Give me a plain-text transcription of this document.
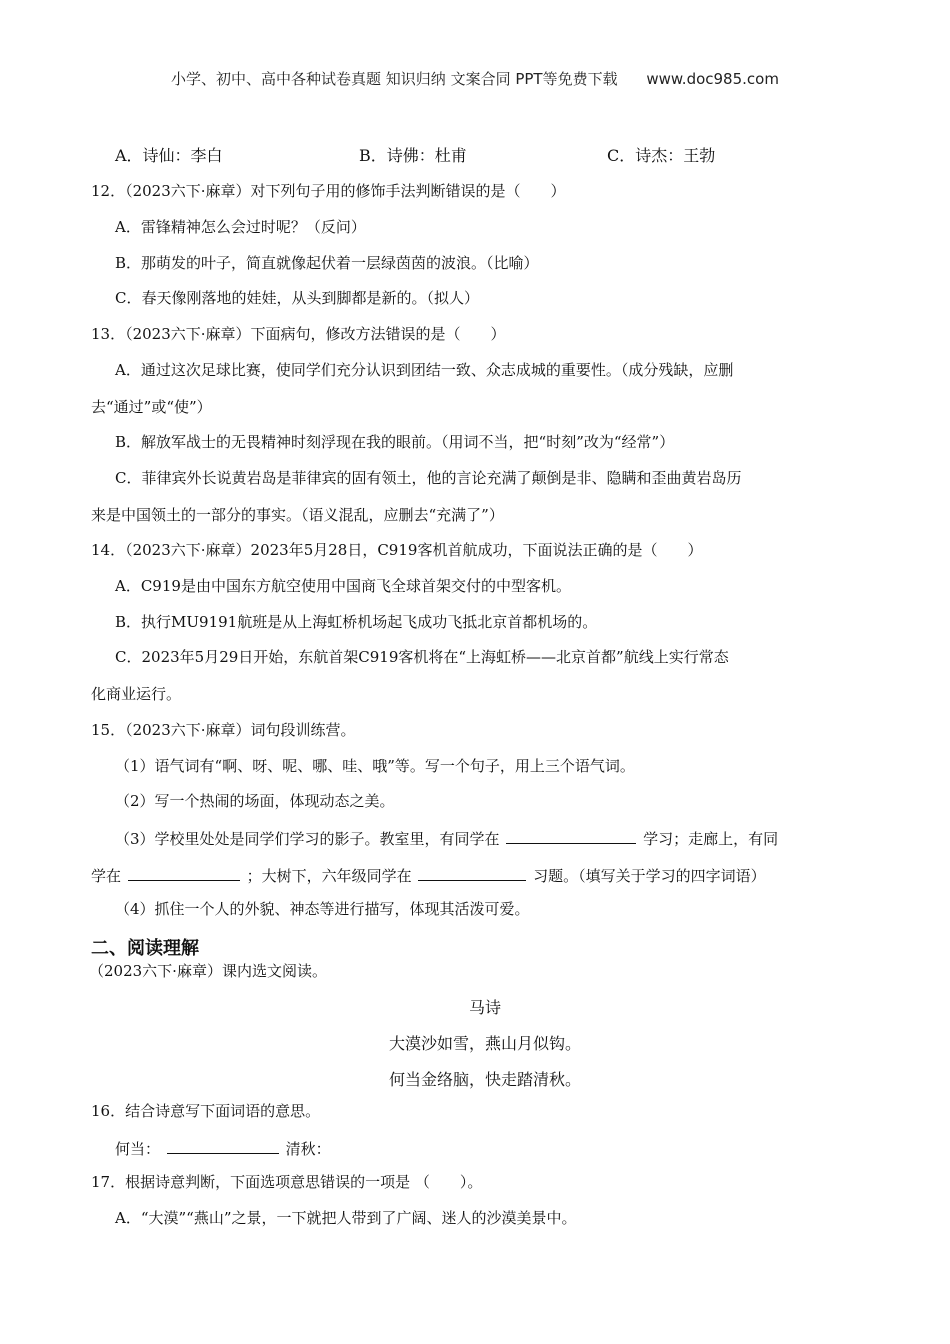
小学、初中、高中各种试卷真题 知识归纳 文案合同 PPT等免费下载 www.doc985.com
A．诗仙：李白	B．诗佛：杜甫	C．诗杰：王勃
12．（2023六下·麻章）对下列句子用的修饰手法判断错误的是（　　）
A．雷锋精神怎么会过时呢？（反问）
B．那萌发的叶子，简直就像起伏着一层绿茵茵的波浪。（比喻）
C．春天像刚落地的娃娃，从头到脚都是新的。（拟人）
13．（2023六下·麻章）下面病句，修改方法错误的是（　　）
A．通过这次足球比赛，使同学们充分认识到团结一致、众志成城的重要性。（成分残缺，应删
去“通过”或“使”）
B．解放军战士的无畏精神时刻浮现在我的眼前。（用词不当，把“时刻”改为“经常”）
C．菲律宾外长说黄岩岛是菲律宾的固有领土，他的言论充满了颠倒是非、隐瞒和歪曲黄岩岛历
来是中国领土的一部分的事实。（语义混乱，应删去“充满了”）
14．（2023六下·麻章）2023年5月28日，C919客机首航成功，下面说法正确的是（　　）
A．C919是由中国东方航空使用中国商飞全球首架交付的中型客机。
B．执行MU9191航班是从上海虹桥机场起飞成功飞抵北京首都机场的。
C．2023年5月29日开始，东航首架C919客机将在“上海虹桥——北京首都”航线上实行常态
化商业运行。
15．（2023六下·麻章）词句段训练营。
（1）语气词有“啊、呀、呢、哪、哇、哦”等。写一个句子，用上三个语气词。
（2）写一个热闹的场面，体现动态之美。
（3）学校里处处是同学们学习的影子。教室里，有同学在	学习；走廊上，有同
学在	；大树下，六年级同学在	习题。（填写关于学习的四字词语）
（4）抓住一个人的外貌、神态等进行描写，体现其活泼可爱。
二、阅读理解
（2023六下·麻章）课内选文阅读。
马诗
大漠沙如雪，燕山月似钩。
何当金络脑，快走踏清秋。
16．结合诗意写下面词语的意思。
何当：	清秋：
17．根据诗意判断，下面选项意思错误的一项是 （　　）。
A．“大漠”“燕山”之景，一下就把人带到了广阔、迷人的沙漠美景中。
